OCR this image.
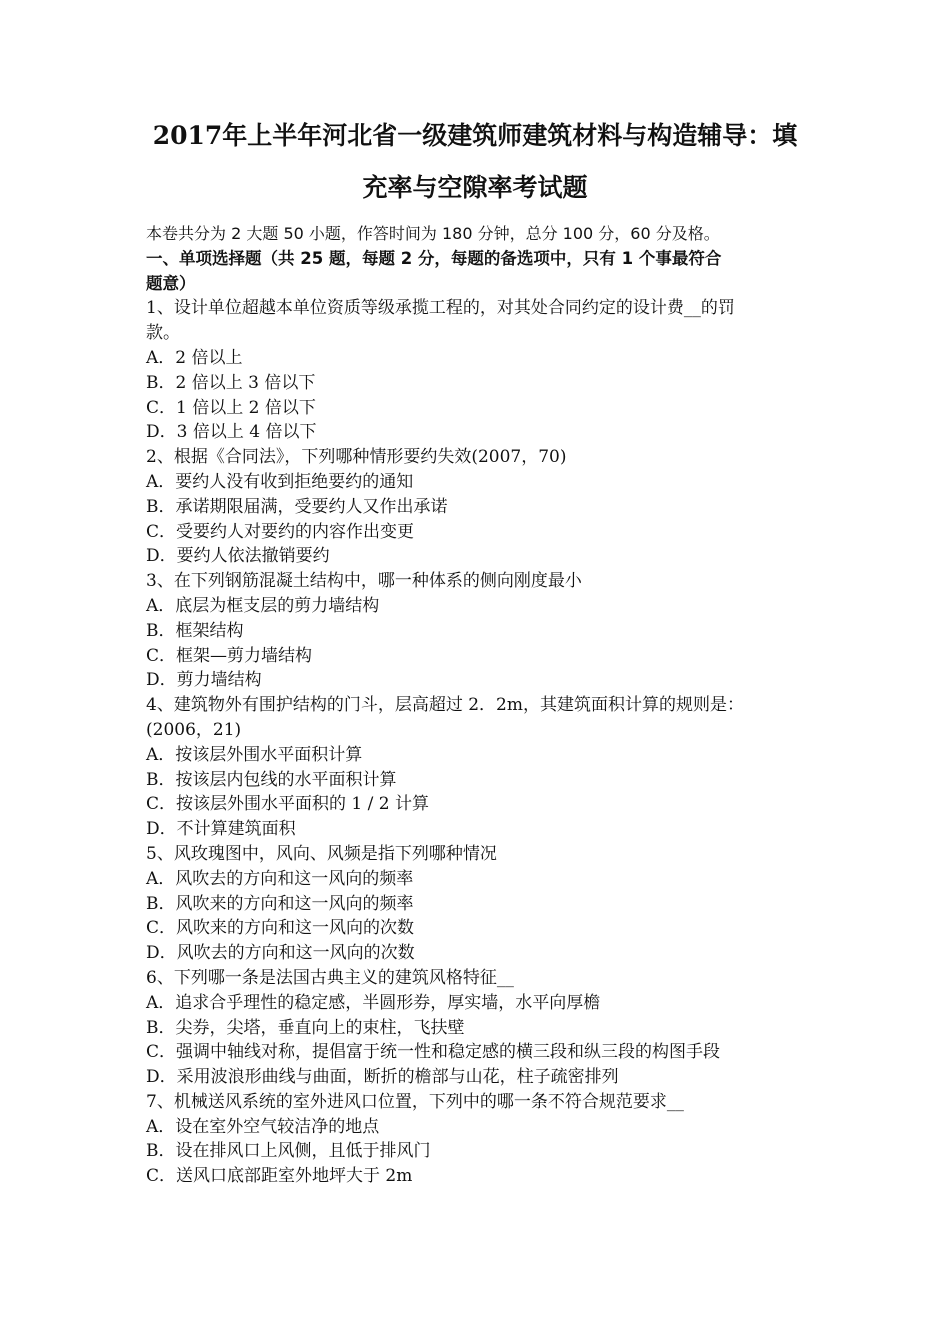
2017年上半年河北省一级建筑师建筑材料与构造辅导：填
充率与空隙率考试题
本卷共分为 2 大题 50 小题，作答时间为 180 分钟，总分 100 分，60 分及格。
一、单项选择题（共 25 题，每题 2 分，每题的备选项中，只有 1 个事最符合
题意）
1、设计单位超越本单位资质等级承揽工程的，对其处合同约定的设计费__的罚
款。
A．2 倍以上
B．2 倍以上 3 倍以下
C．1 倍以上 2 倍以下
D．3 倍以上 4 倍以下
2、根据《合同法》，下列哪种情形要约失效(2007，70)
A．要约人没有收到拒绝要约的通知
B．承诺期限届满，受要约人又作出承诺
C．受要约人对要约的内容作出变更
D．要约人依法撤销要约
3、在下列钢筋混凝土结构中，哪一种体系的侧向刚度最小
A．底层为框支层的剪力墙结构
B．框架结构
C．框架—剪力墙结构
D．剪力墙结构
4、建筑物外有围护结构的门斗，层高超过 2．2m，其建筑面积计算的规则是：
(2006，21)
A．按该层外围水平面积计算
B．按该层内包线的水平面积计算
C．按该层外围水平面积的 1 / 2 计算
D．不计算建筑面积
5、风玫瑰图中，风向、风频是指下列哪种情况
A．风吹去的方向和这一风向的频率
B．风吹来的方向和这一风向的频率
C．风吹来的方向和这一风向的次数
D．风吹去的方向和这一风向的次数
6、下列哪一条是法国古典主义的建筑风格特征__
A．追求合乎理性的稳定感，半圆形券，厚实墙，水平向厚檐
B．尖券，尖塔，垂直向上的束柱，飞扶壁
C．强调中轴线对称，提倡富于统一性和稳定感的横三段和纵三段的构图手段
D．采用波浪形曲线与曲面，断折的檐部与山花，柱子疏密排列
7、机械送风系统的室外进风口位置，下列中的哪一条不符合规范要求__
A．设在室外空气较洁净的地点
B．设在排风口上风侧，且低于排风门
C．送风口底部距室外地坪大于 2m
